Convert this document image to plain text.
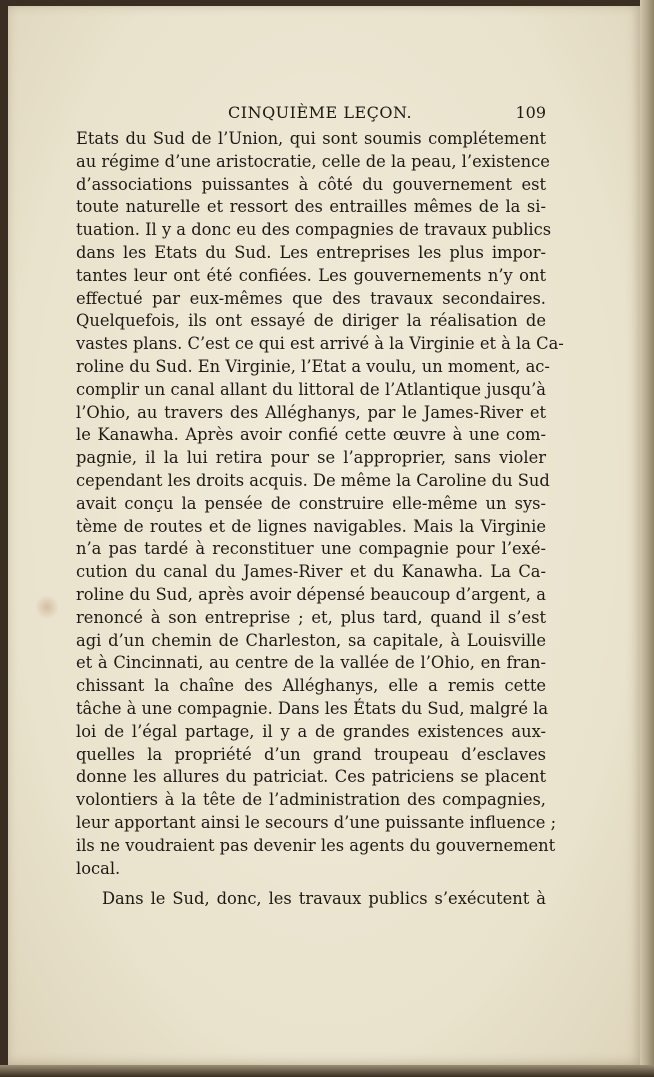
CINQUIÈME LEÇON.	109
Etats du Sud de l’Union, qui sont soumis complétement
au régime d’une aristocratie, celle de la peau, l’existence
d’associations puissantes à côté du gouvernement est
toute naturelle et ressort des entrailles mêmes de la si-
tuation. Il y a donc eu des compagnies de travaux publics
dans les Etats du Sud. Les entreprises les plus impor-
tantes leur ont été confiées. Les gouvernements n’y ont
effectué par eux-mêmes que des travaux secondaires.
Quelquefois, ils ont essayé de diriger la réalisation de
vastes plans. C’est ce qui est arrivé à la Virginie et à la Ca-
roline du Sud. En Virginie, l’Etat a voulu, un moment, ac-
complir un canal allant du littoral de l’Atlantique jusqu’à
l’Ohio, au travers des Alléghanys, par le James-River et
le Kanawha. Après avoir confié cette œuvre à une com-
pagnie, il la lui retira pour se l’approprier, sans violer
cependant les droits acquis. De même la Caroline du Sud
avait conçu la pensée de construire elle-même un sys-
tème de routes et de lignes navigables. Mais la Virginie
n’a pas tardé à reconstituer une compagnie pour l’exé-
cution du canal du James-River et du Kanawha. La Ca-
roline du Sud, après avoir dépensé beaucoup d’argent, a
renoncé à son entreprise ; et, plus tard, quand il s’est
agi d’un chemin de Charleston, sa capitale, à Louisville
et à Cincinnati, au centre de la vallée de l’Ohio, en fran-
chissant la chaîne des Alléghanys, elle a remis cette
tâche à une compagnie. Dans les États du Sud, malgré la
loi de l’égal partage, il y a de grandes existences aux-
quelles la propriété d’un grand troupeau d’esclaves
donne les allures du patriciat. Ces patriciens se placent
volontiers à la tête de l’administration des compagnies,
leur apportant ainsi le secours d’une puissante influence ;
ils ne voudraient pas devenir les agents du gouvernement
local.
Dans le Sud, donc, les travaux publics s’exécutent à
